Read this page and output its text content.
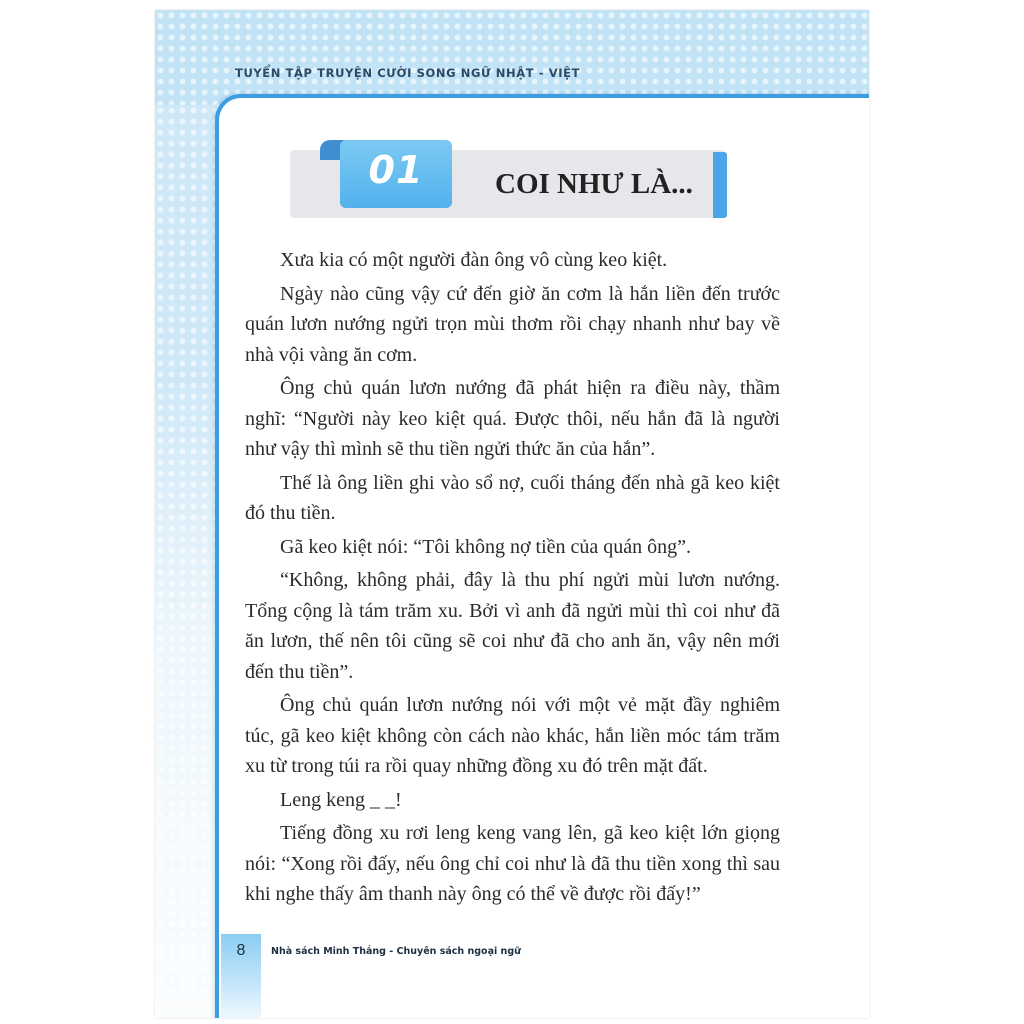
TUYỂN TẬP TRUYỆN CƯỜI SONG NGỮ NHẬT - VIỆT
01	COI NHƯ LÀ...

Xưa kia có một người đàn ông vô cùng keo kiệt.

Ngày nào cũng vậy cứ đến giờ ăn cơm là hắn liền đến trước quán lươn nướng ngửi trọn mùi thơm rồi chạy nhanh như bay về nhà vội vàng ăn cơm.

Ông chủ quán lươn nướng đã phát hiện ra điều này, thầm nghĩ: “Người này keo kiệt quá. Được thôi, nếu hắn đã là người như vậy thì mình sẽ thu tiền ngửi thức ăn của hắn”.

Thế là ông liền ghi vào sổ nợ, cuối tháng đến nhà gã keo kiệt đó thu tiền.

Gã keo kiệt nói: “Tôi không nợ tiền của quán ông”.

“Không, không phải, đây là thu phí ngửi mùi lươn nướng. Tổng cộng là tám trăm xu. Bởi vì anh đã ngửi mùi thì coi như đã ăn lươn, thế nên tôi cũng sẽ coi như đã cho anh ăn, vậy nên mới đến thu tiền”.

Ông chủ quán lươn nướng nói với một vẻ mặt đầy nghiêm túc, gã keo kiệt không còn cách nào khác, hắn liền móc tám trăm xu từ trong túi ra rồi quay những đồng xu đó trên mặt đất.

Leng keng _ _!

Tiếng đồng xu rơi leng keng vang lên, gã keo kiệt lớn giọng nói: “Xong rồi đấy, nếu ông chỉ coi như là đã thu tiền xong thì sau khi nghe thấy âm thanh này ông có thể về được rồi đấy!”

8	Nhà sách Minh Thắng - Chuyên sách ngoại ngữ
